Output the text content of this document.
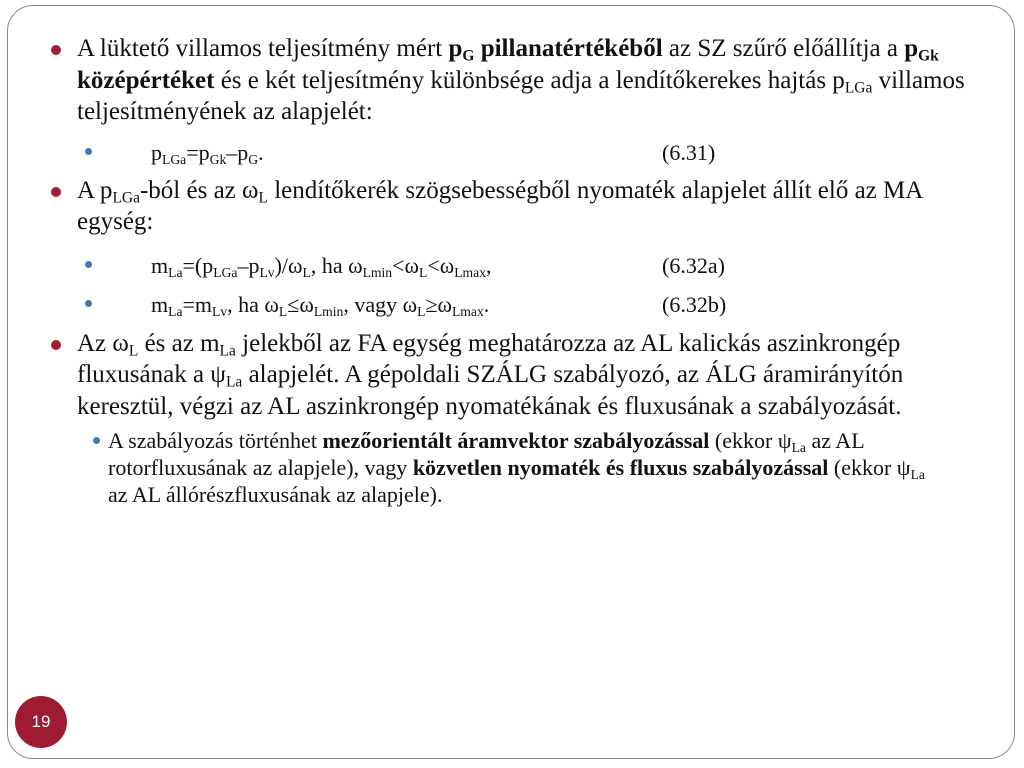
A lüktető villamos teljesítmény mért $p_G$ pillanatértékéből az SZ szűrő előállítja a $p_{Gk}$ középértéket és e két teljesítmény különbsége adja a lendítőkerekes hajtás $p_{LGa}$ villamos teljesítményének az alapjelét:
$p_{LGa}=p_{Gk}-p_G$.	(6.31)
A $p_{LGa}$-ból és az $\omega_L$ lendítőkerék szögsebességből nyomaték alapjelet állít elő az MA egység:
$m_{La}=(p_{LGa}-p_{Lv})/\omega_L$, ha $\omega_{Lmin}<\omega_L<\omega_{Lmax}$,	(6.32a)
$m_{La}=m_{Lv}$, ha $\omega_L\le\omega_{Lmin}$, vagy $\omega_L\ge\omega_{Lmax}$.	(6.32b)
Az $\omega_L$ és az $m_{La}$ jelekből az FA egység meghatározza az AL kalickás aszinkrongép fluxusának a $\psi_{La}$ alapjelét. A gépoldali SZÁLG szabályozó, az ÁLG áramirányítón keresztül, végzi az AL aszinkrongép nyomatékának és fluxusának a szabályozását.
A szabályozás történhet mezőorientált áramvektor szabályozással (ekkor $\psi_{La}$ az AL rotorfluxusának az alapjele), vagy közvetlen nyomaték és fluxus szabályozással (ekkor $\psi_{La}$ az AL állórészfluxusának az alapjele).
19
